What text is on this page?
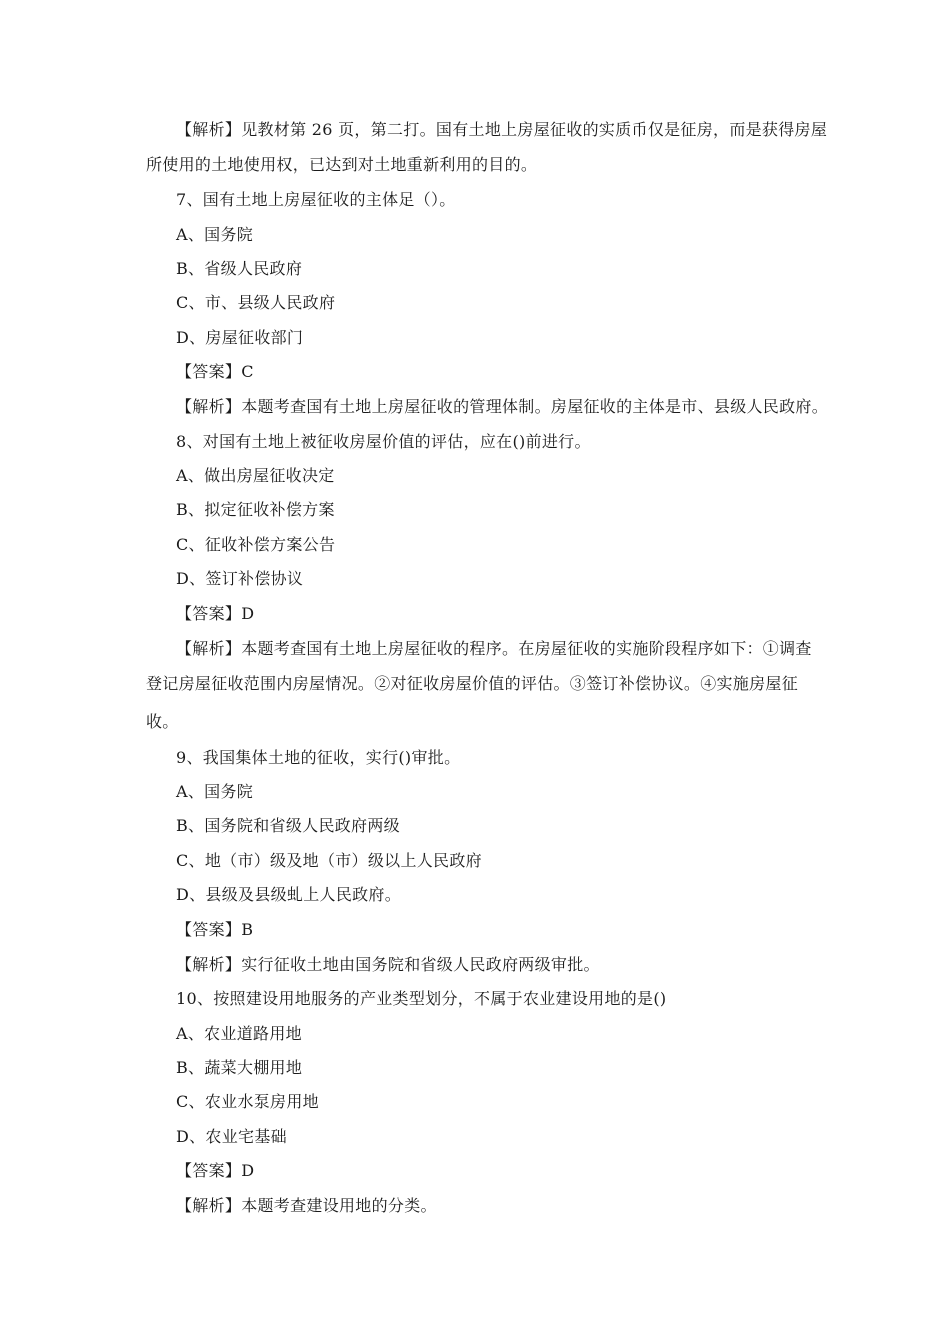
【解析】见教材第 26 页，第二打。国有土地上房屋征收的实质币仅是征房，而是获得房屋
所使用的土地使用权，已达到对土地重新利用的目的。
7、国有土地上房屋征收的主体足（）。
A、国务院
B、省级人民政府
C、市、县级人民政府
D、房屋征收部门
【答案】C
【解析】本题考查国有土地上房屋征收的管理体制。房屋征收的主体是市、县级人民政府。
8、对国有土地上被征收房屋价值的评估，应在()前进行。
A、做出房屋征收决定
B、拟定征收补偿方案
C、征收补偿方案公告
D、签订补偿协议
【答案】D
【解析】本题考查国有土地上房屋征收的程序。在房屋征收的实施阶段程序如下：①调查
登记房屋征收范围内房屋情况。②对征收房屋价值的评估。③签订补偿协议。④实施房屋征
收。
9、我国集体土地的征收，实行()审批。
A、国务院
B、国务院和省级人民政府两级
C、地（市）级及地（市）级以上人民政府
D、县级及县级虬上人民政府。
【答案】B
【解析】实行征收土地由国务院和省级人民政府两级审批。
10、按照建设用地服务的产业类型划分，不属于农业建设用地的是()
A、农业道路用地
B、蔬菜大棚用地
C、农业水泵房用地
D、农业宅基础
【答案】D
【解析】本题考查建设用地的分类。
